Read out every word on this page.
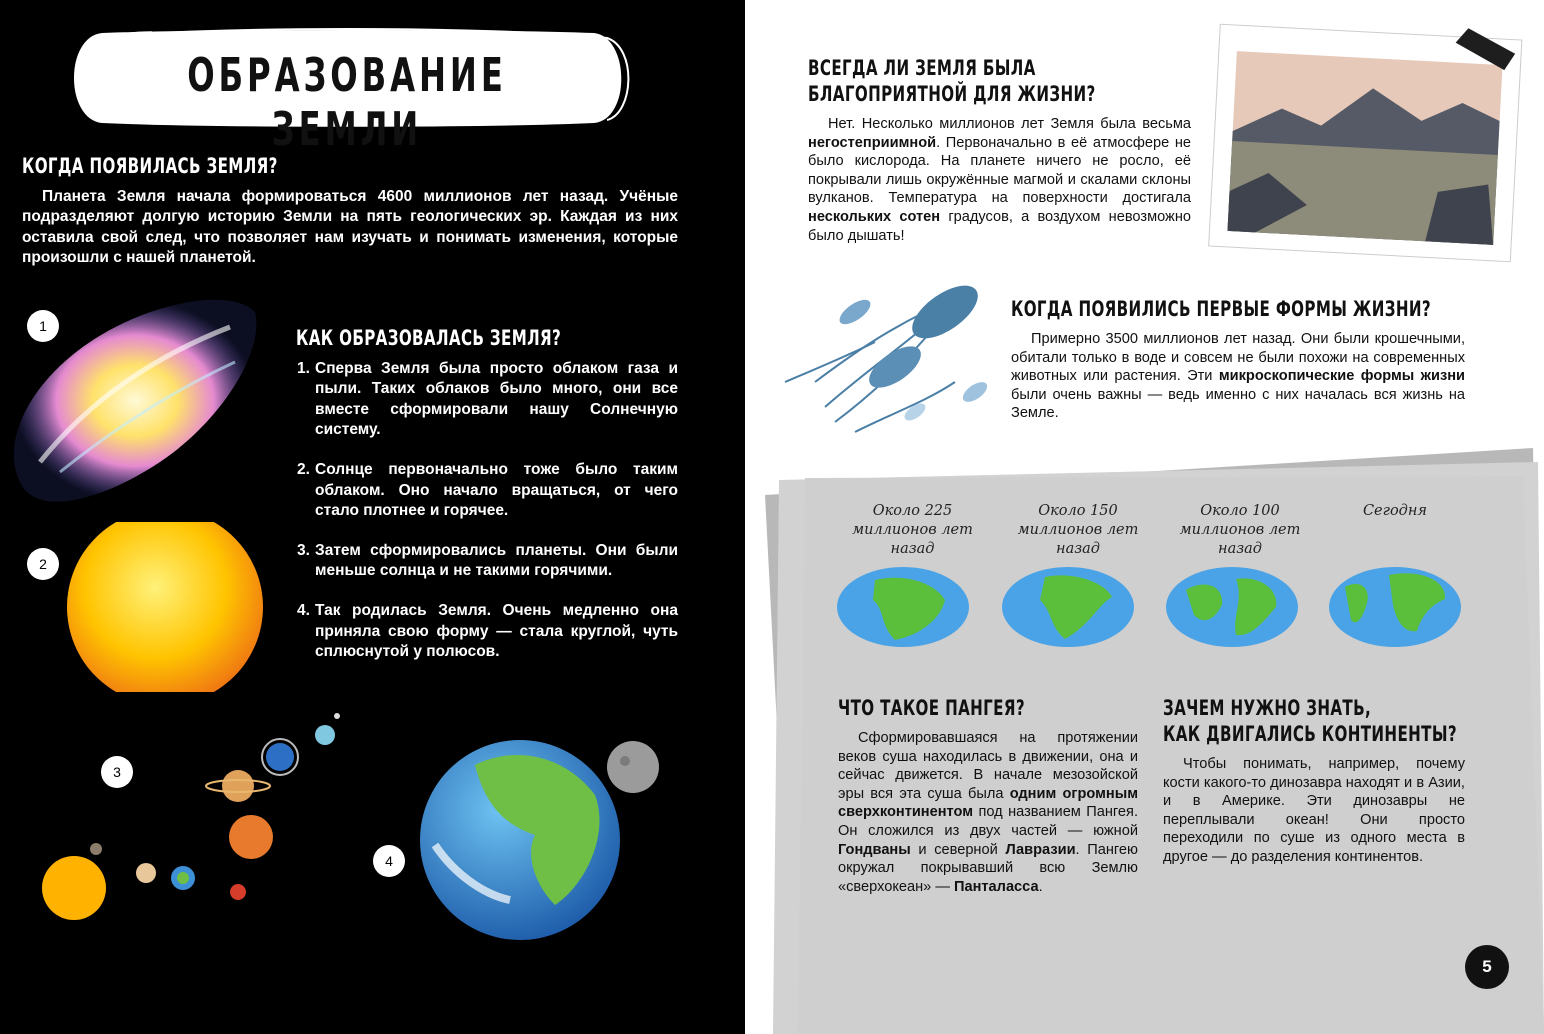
ОБРАЗОВАНИЕ ЗЕМЛИ
КОГДА ПОЯВИЛАСЬ ЗЕМЛЯ?
Планета Земля начала формироваться 4600 миллионов лет назад. Учёные подразделяют долгую историю Земли на пять геологических эр. Каждая из них оставила свой след, что позволяет нам изучать и понимать изменения, которые произошли с нашей планетой.
1
2
3
4
КАК ОБРАЗОВАЛАСЬ ЗЕМЛЯ?
1. Сперва Земля была просто облаком газа и пыли. Таких облаков было много, они все вместе сформировали нашу Солнечную систему.
2. Солнце первоначально тоже было таким облаком. Оно начало вращаться, от чего стало плотнее и горячее.
3. Затем сформировались планеты. Они были меньше солнца и не такими горячими.
4. Так родилась Земля. Очень медленно она приняла свою форму — стала круглой, чуть сплюснутой у полюсов.
ВСЕГДА ЛИ ЗЕМЛЯ БЫЛА
БЛАГОПРИЯТНОЙ ДЛЯ ЖИЗНИ?
Нет. Несколько миллионов лет Земля была весьма негостеприимной. Первоначально в её атмосфере не было кислорода. На планете ничего не росло, её покрывали лишь окружённые магмой и скалами склоны вулканов. Температура на поверхности достигала нескольких сотен градусов, а воздухом невозможно было дышать!
КОГДА ПОЯВИЛИСЬ ПЕРВЫЕ ФОРМЫ ЖИЗНИ?
Примерно 3500 миллионов лет назад. Они были крошечными, обитали только в воде и совсем не были похожи на современных животных или растения. Эти микроскопические формы жизни были очень важны — ведь именно с них началась вся жизнь на Земле.
Около 225 миллионов лет назад
Около 150 миллионов лет назад
Около 100 миллионов лет назад
Сегодня
ЧТО ТАКОЕ ПАНГЕЯ?
Сформировавшаяся на протяжении веков суша находилась в движении, она и сейчас движется. В начале мезозойской эры вся эта суша была одним огромным сверхконтинентом под названием Пангея. Он сложился из двух частей — южной Гондваны и северной Лавразии. Пангею окружал покрывавший всю Землю «сверхокеан» — Панталасса.
ЗАЧЕМ НУЖНО ЗНАТЬ,
КАК ДВИГАЛИСЬ КОНТИНЕНТЫ?
Чтобы понимать, например, почему кости какого-то динозавра находят и в Азии, и в Америке. Эти динозавры не переплывали океан! Они просто переходили по суше из одного места в другое — до разделения континентов.
5
